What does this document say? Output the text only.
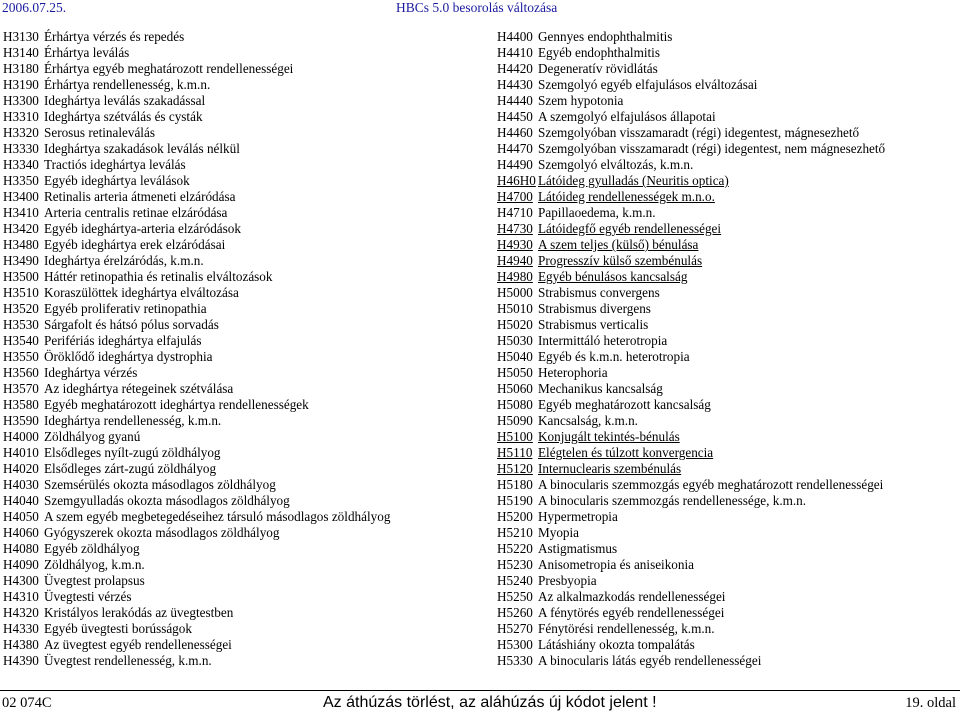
2006.07.25.	HBCs 5.0 besorolás változása
H3130 Érhártya vérzés és repedés
H3140 Érhártya leválás
H3180 Érhártya egyéb meghatározott rendellenességei
H3190 Érhártya rendellenesség, k.m.n.
H3300 Ideghártya leválás szakadással
H3310 Ideghártya szétválás és cysták
H3320 Serosus retinaleválás
H3330 Ideghártya szakadások leválás nélkül
H3340 Tractiós ideghártya leválás
H3350 Egyéb ideghártya leválások
H3400 Retinalis arteria átmeneti elzáródása
H3410 Arteria centralis retinae elzáródása
H3420 Egyéb ideghártya-arteria elzáródások
H3480 Egyéb ideghártya erek elzáródásai
H3490 Ideghártya érelzáródás, k.m.n.
H3500 Háttér retinopathia és retinalis elváltozások
H3510 Koraszülöttek ideghártya elváltozása
H3520 Egyéb proliferativ retinopathia
H3530 Sárgafolt és hátsó pólus sorvadás
H3540 Perifériás ideghártya elfajulás
H3550 Öröklődő ideghártya dystrophia
H3560 Ideghártya vérzés
H3570 Az ideghártya rétegeinek szétválása
H3580 Egyéb meghatározott ideghártya rendellenességek
H3590 Ideghártya rendellenesség, k.m.n.
H4000 Zöldhályog gyanú
H4010 Elsődleges nyílt-zugú zöldhályog
H4020 Elsődleges zárt-zugú zöldhályog
H4030 Szemsérülés okozta másodlagos zöldhályog
H4040 Szemgyulladás okozta másodlagos zöldhályog
H4050 A szem egyéb megbetegedéseihez társuló másodlagos zöldhályog
H4060 Gyógyszerek okozta másodlagos zöldhályog
H4080 Egyéb zöldhályog
H4090 Zöldhályog, k.m.n.
H4300 Üvegtest prolapsus
H4310 Üvegtesti vérzés
H4320 Kristályos lerakódás az üvegtestben
H4330 Egyéb üvegtesti borússágok
H4380 Az üvegtest egyéb rendellenességei
H4390 Üvegtest rendellenesség, k.m.n.
H4400 Gennyes endophthalmitis
H4410 Egyéb endophthalmitis
H4420 Degeneratív rövidlátás
H4430 Szemgolyó egyéb elfajulásos elváltozásai
H4440 Szem hypotonia
H4450 A szemgolyó elfajulásos állapotai
H4460 Szemgolyóban visszamaradt (régi) idegentest, mágnesezhető
H4470 Szemgolyóban visszamaradt (régi) idegentest, nem mágnesezhető
H4490 Szemgolyó elváltozás, k.m.n.
H46H0 Látóideg gyulladás (Neuritis optica)
H4700 Látóideg rendellenességek m.n.o.
H4710 Papillaoedema, k.m.n.
H4730 Látóidegfő egyéb rendellenességei
H4930 A szem teljes (külső) bénulása
H4940 Progresszív külső szembénulás
H4980 Egyéb bénulásos kancsalság
H5000 Strabismus convergens
H5010 Strabismus divergens
H5020 Strabismus verticalis
H5030 Intermittáló heterotropia
H5040 Egyéb és k.m.n. heterotropia
H5050 Heterophoria
H5060 Mechanikus kancsalság
H5080 Egyéb meghatározott kancsalság
H5090 Kancsalság, k.m.n.
H5100 Konjugált tekintés-bénulás
H5110 Elégtelen és túlzott konvergencia
H5120 Internuclearis szembénulás
H5180 A binocularis szemmozgás egyéb meghatározott rendellenességei
H5190 A binocularis szemmozgás rendellenessége, k.m.n.
H5200 Hypermetropia
H5210 Myopia
H5220 Astigmatismus
H5230 Anisometropia és aniseikonia
H5240 Presbyopia
H5250 Az alkalmazkodás rendellenességei
H5260 A fénytörés egyéb rendellenességei
H5270 Fénytörési rendellenesség, k.m.n.
H5300 Látáshiány okozta tompalátás
H5330 A binocularis látás egyéb rendellenességei
02 074C	Az áthúzás törlést, az aláhúzás új kódot jelent !	19. oldal
